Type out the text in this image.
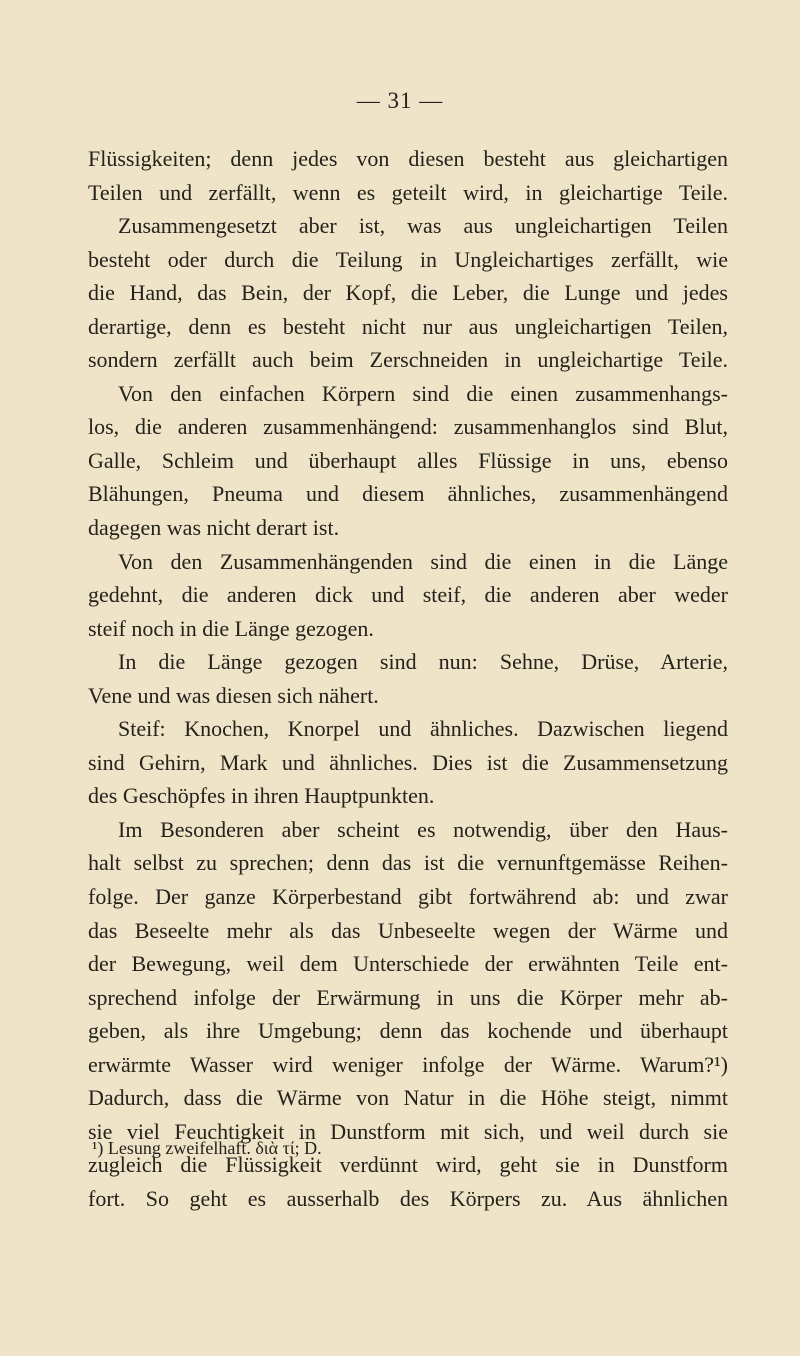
— 31 —
Flüssigkeiten; denn jedes von diesen besteht aus gleichartigen
Teilen und zerfällt, wenn es geteilt wird, in gleichartige Teile.
Zusammengesetzt aber ist, was aus ungleichartigen Teilen
besteht oder durch die Teilung in Ungleichartiges zerfällt, wie
die Hand, das Bein, der Kopf, die Leber, die Lunge und jedes
derartige, denn es besteht nicht nur aus ungleichartigen Teilen,
sondern zerfällt auch beim Zerschneiden in ungleichartige Teile.
Von den einfachen Körpern sind die einen zusammenhangs-
los, die anderen zusammenhängend: zusammenhanglos sind Blut,
Galle, Schleim und überhaupt alles Flüssige in uns, ebenso
Blähungen, Pneuma und diesem ähnliches, zusammenhängend
dagegen was nicht derart ist.
Von den Zusammenhängenden sind die einen in die Länge
gedehnt, die anderen dick und steif, die anderen aber weder
steif noch in die Länge gezogen.
In die Länge gezogen sind nun: Sehne, Drüse, Arterie,
Vene und was diesen sich nähert.
Steif: Knochen, Knorpel und ähnliches. Dazwischen liegend
sind Gehirn, Mark und ähnliches. Dies ist die Zusammensetzung
des Geschöpfes in ihren Hauptpunkten.
Im Besonderen aber scheint es notwendig, über den Haus-
halt selbst zu sprechen; denn das ist die vernunftgemässe Reihen-
folge. Der ganze Körperbestand gibt fortwährend ab: und zwar
das Beseelte mehr als das Unbeseelte wegen der Wärme und
der Bewegung, weil dem Unterschiede der erwähnten Teile ent-
sprechend infolge der Erwärmung in uns die Körper mehr ab-
geben, als ihre Umgebung; denn das kochende und überhaupt
erwärmte Wasser wird weniger infolge der Wärme. Warum?¹)
Dadurch, dass die Wärme von Natur in die Höhe steigt, nimmt
sie viel Feuchtigkeit in Dunstform mit sich, und weil durch sie
zugleich die Flüssigkeit verdünnt wird, geht sie in Dunstform
fort. So geht es ausserhalb des Körpers zu. Aus ähnlichen
¹) Lesung zweifelhaft. διὰ τί; D.
